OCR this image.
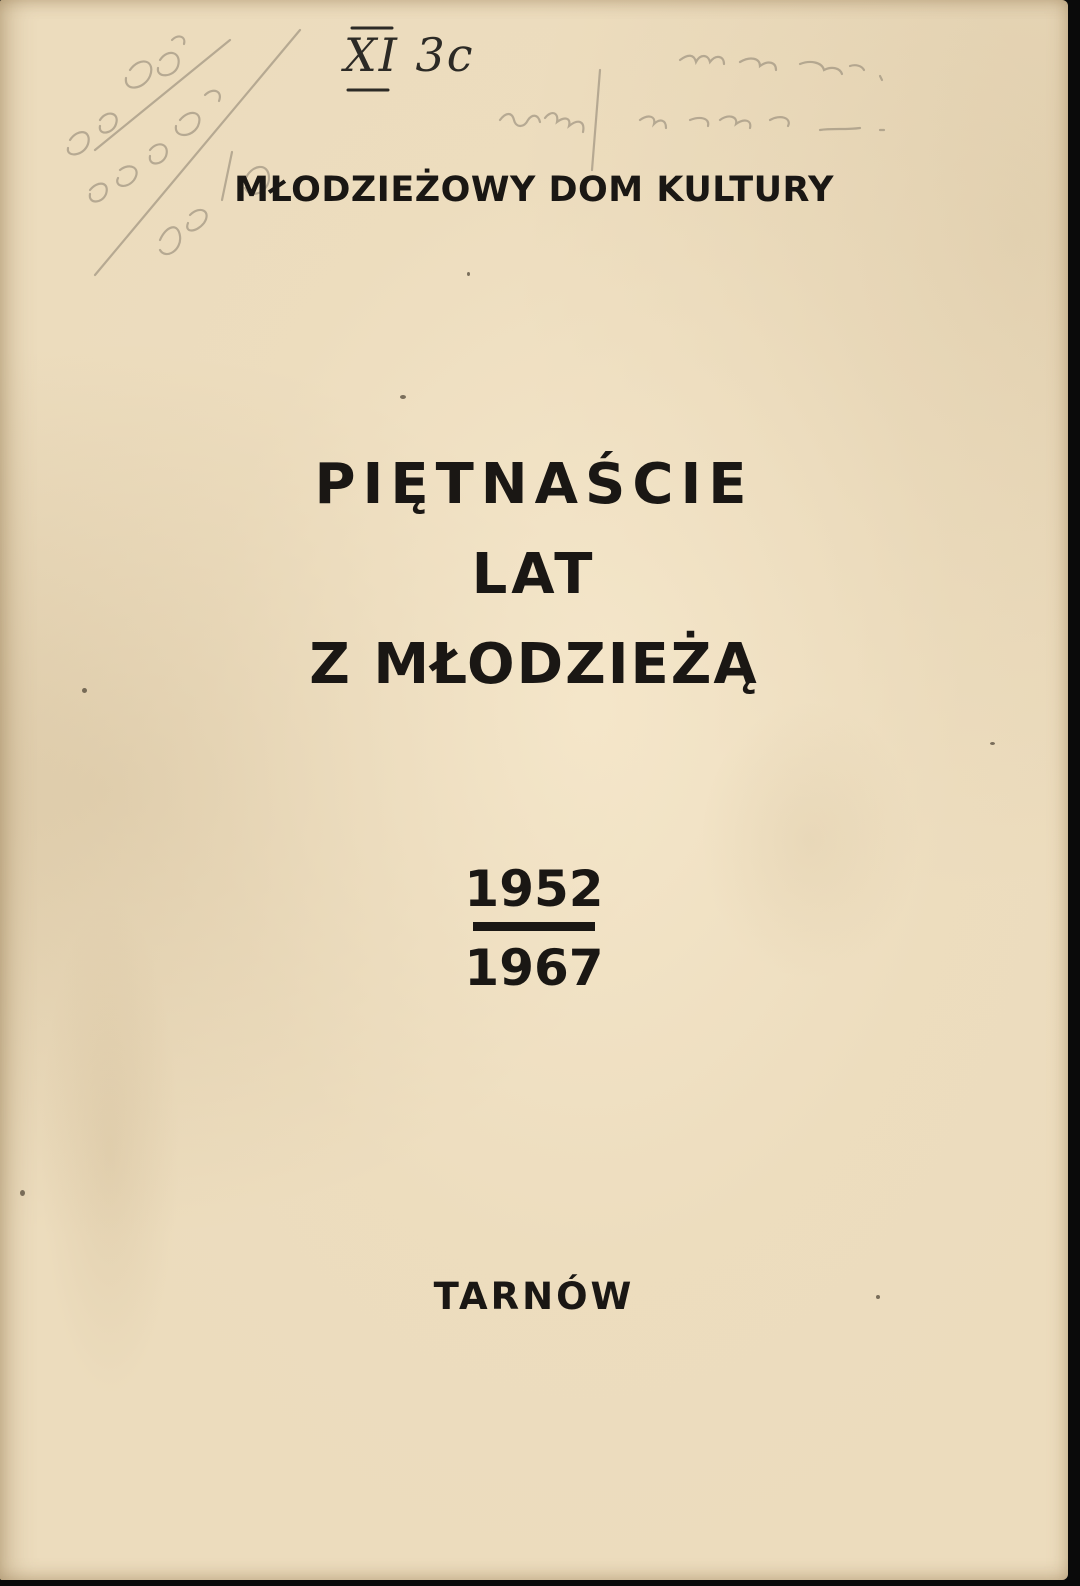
XI 3c
MŁODZIEŻOWY DOM KULTURY
PIĘTNAŚCIE
LAT
Z MŁODZIEŻĄ
1952
1967
TARNÓW
